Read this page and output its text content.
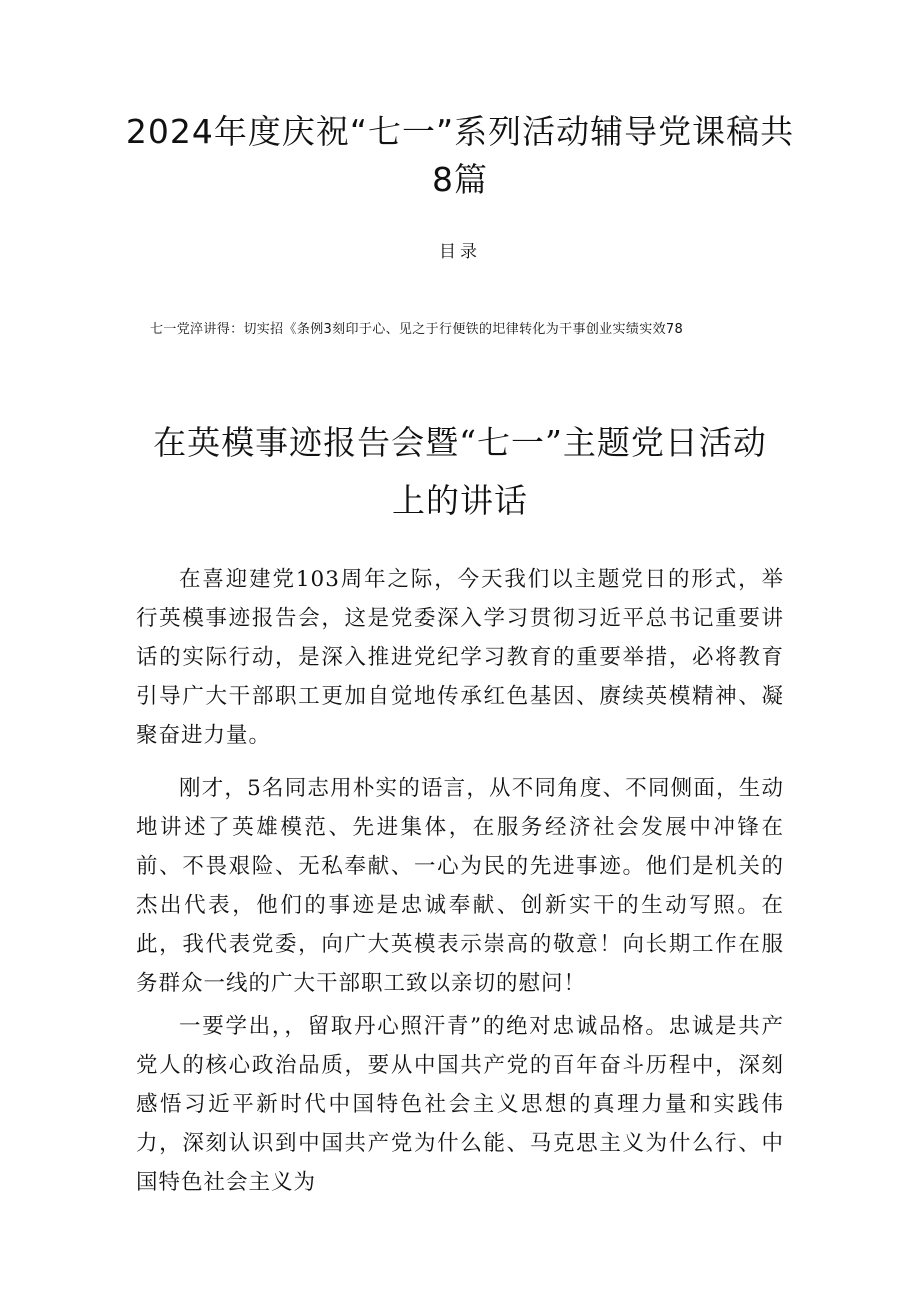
2024年度庆祝“七一”系列活动辅导党课稿共8篇
目录
七一党淬讲得：切实招《条例3刻印于心、见之于行便铁的圯律转化为干事创业实绩实效78
在英模事迹报告会暨“七一”主题党日活动上的讲话

在喜迎建党103周年之际，今天我们以主题党日的形式，举行英模事迹报告会，这是党委深入学习贯彻习近平总书记重要讲话的实际行动，是深入推进党纪学习教育的重要举措，必将教育引导广大干部职工更加自觉地传承红色基因、赓续英模精神、凝聚奋进力量。

刚才，5名同志用朴实的语言，从不同角度、不同侧面，生动地讲述了英雄模范、先进集体，在服务经济社会发展中冲锋在前、不畏艰险、无私奉献、一心为民的先进事迹。他们是机关的杰出代表，他们的事迹是忠诚奉献、创新实干的生动写照。在此，我代表党委，向广大英模表示崇高的敬意！向长期工作在服务群众一线的广大干部职工致以亲切的慰问！

一要学出，，留取丹心照汗青”的绝对忠诚品格。忠诚是共产党人的核心政治品质，要从中国共产党的百年奋斗历程中，深刻感悟习近平新时代中国特色社会主义思想的真理力量和实践伟力，深刻认识到中国共产党为什么能、马克思主义为什么行、中国特色社会主义为
